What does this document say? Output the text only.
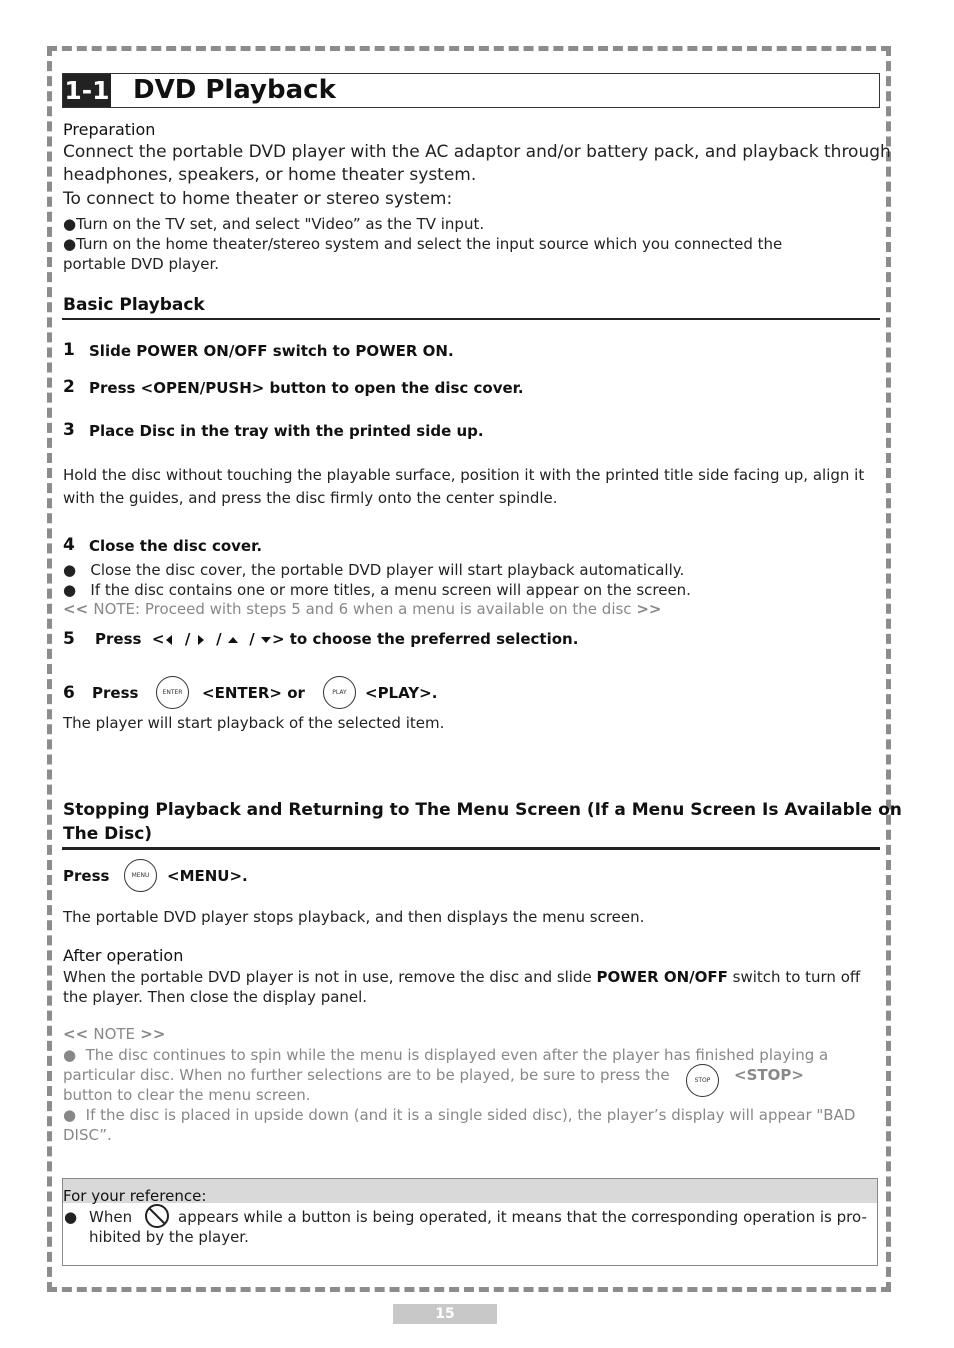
1-1 DVD Playback
Preparation
Connect the portable DVD player with the AC adaptor and/or battery pack, and playback through
headphones, speakers, or home theater system.
To connect to home theater or stereo system:
●Turn on the TV set, and select "Video” as the TV input.
●Turn on the home theater/stereo system and select the input source which you connected the
portable DVD player.
Basic Playback
1 Slide POWER ON/OFF switch to POWER ON.
2 Press <OPEN/PUSH> button to open the disc cover.
3 Place Disc in the tray with the printed side up.
Hold the disc without touching the playable surface, position it with the printed title side facing up, align it
with the guides, and press the disc firmly onto the center spindle.
4 Close the disc cover.
● Close the disc cover, the portable DVD player will start playback automatically.
● If the disc contains one or more titles, a menu screen will appear on the screen.
<< NOTE: Proceed with steps 5 and 6 when a menu is available on the disc >>
5 Press  < / / / > to choose the preferred selection.
6 Press	ENTER	<ENTER> or	PLAY	<PLAY>.
The player will start playback of the selected item.
Stopping Playback and Returning to The Menu Screen (If a Menu Screen Is Available on
The Disc)
Press	MENU	<MENU>.
The portable DVD player stops playback, and then displays the menu screen.
After operation
When the portable DVD player is not in use, remove the disc and slide POWER ON/OFF switch to turn off
the player. Then close the display panel.
<< NOTE >>
● The disc continues to spin while the menu is displayed even after the player has finished playing a
particular disc. When no further selections are to be played, be sure to press the	STOP	<STOP>
button to clear the menu screen.
● If the disc is placed in upside down (and it is a single sided disc), the player’s display will appear "BAD
DISC”.
For your reference:
● When	appears while a button is being operated, it means that the corresponding operation is pro-
hibited by the player.
15
